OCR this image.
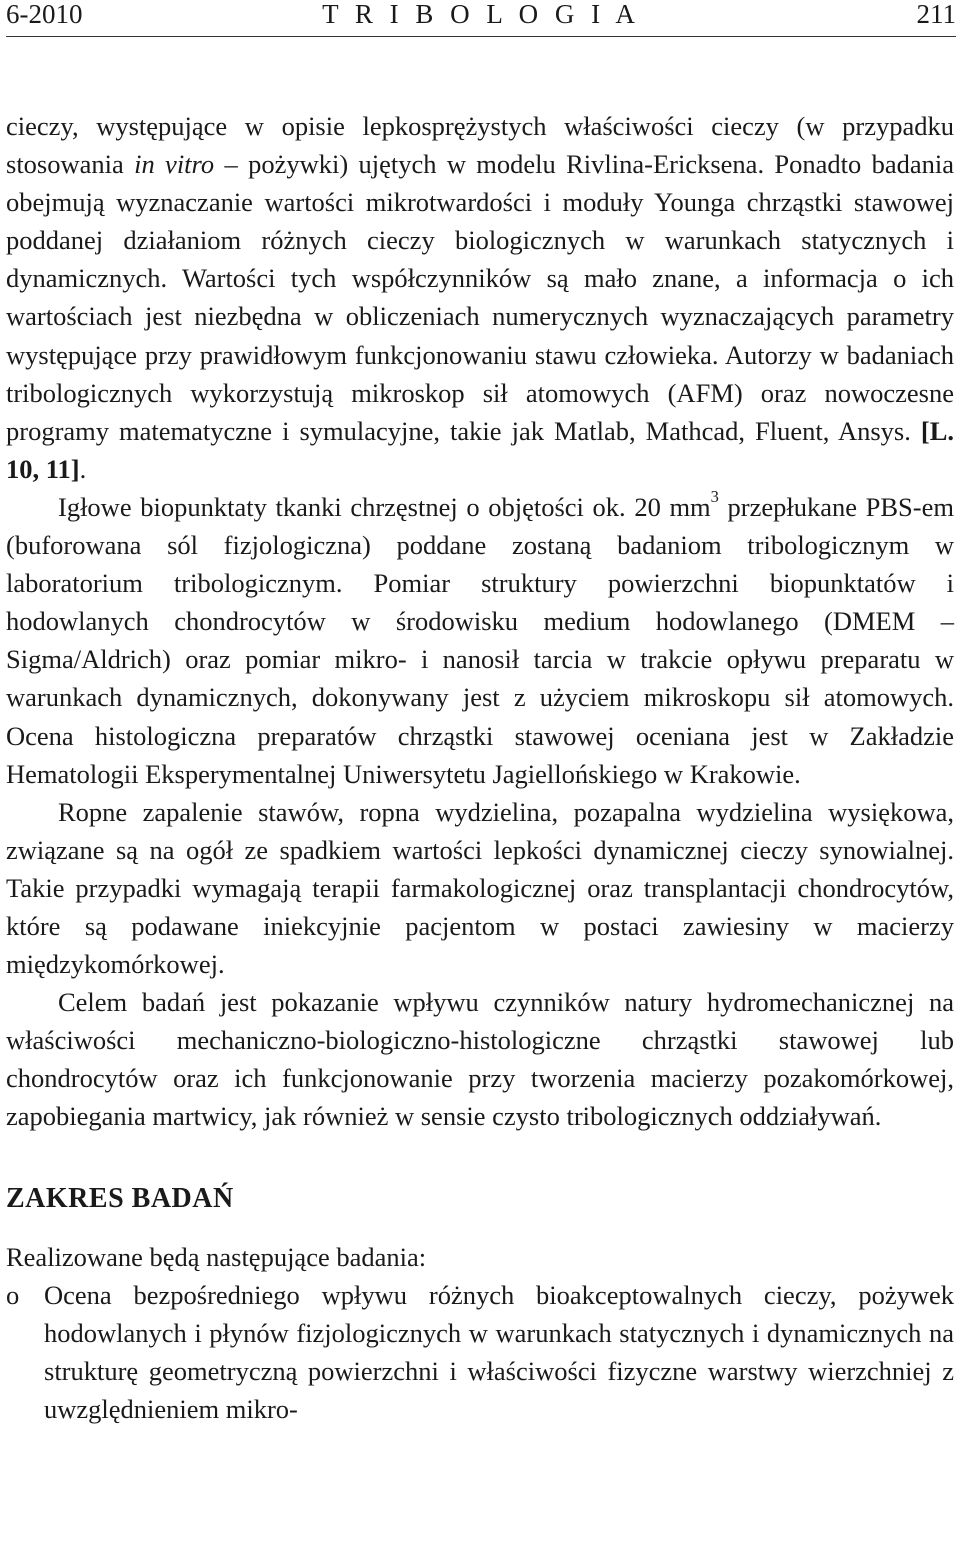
6-2010	T R I B O L O G I A	211

cieczy, występujące w opisie lepkosprężystych właściwości cieczy (w przypadku stosowania in vitro – pożywki) ujętych w modelu Rivlina-Ericksena. Ponadto badania obejmują wyznaczanie wartości mikrotwardości i moduły Younga chrząstki stawowej poddanej działaniom różnych cieczy biologicznych w warunkach statycznych i dynamicznych. Wartości tych współczynników są mało znane, a informacja o ich wartościach jest niezbędna w obliczeniach numerycznych wyznaczających parametry występujące przy prawidłowym funkcjonowaniu stawu człowieka. Autorzy w badaniach tribologicznych wykorzystują mikroskop sił atomowych (AFM) oraz nowoczesne programy matematyczne i symulacyjne, takie jak Matlab, Mathcad, Fluent, Ansys. [L. 10, 11].

Igłowe biopunktaty tkanki chrzęstnej o objętości ok. 20 $mm^3$ przepłukane PBS-em (buforowana sól fizjologiczna) poddane zostaną badaniom tribologicznym w laboratorium tribologicznym. Pomiar struktury powierzchni biopunktatów i hodowlanych chondrocytów w środowisku medium hodowlanego (DMEM – Sigma/Aldrich) oraz pomiar mikro- i nanosił tarcia w trakcie opływu preparatu w warunkach dynamicznych, dokonywany jest z użyciem mikroskopu sił atomowych. Ocena histologiczna preparatów chrząstki stawowej oceniana jest w Zakładzie Hematologii Eksperymentalnej Uniwersytetu Jagiellońskiego w Krakowie.

Ropne zapalenie stawów, ropna wydzielina, pozapalna wydzielina wysiękowa, związane są na ogół ze spadkiem wartości lepkości dynamicznej cieczy synowialnej. Takie przypadki wymagają terapii farmakologicznej oraz transplantacji chondrocytów, które są podawane iniekcyjnie pacjentom w postaci zawiesiny w macierzy międzykomórkowej.

Celem badań jest pokazanie wpływu czynników natury hydromechanicznej na właściwości mechaniczno-biologiczno-histologiczne chrząstki stawowej lub chondrocytów oraz ich funkcjonowanie przy tworzenia macierzy pozakomórkowej, zapobiegania martwicy, jak również w sensie czysto tribologicznych oddziaływań.

ZAKRES BADAŃ

Realizowane będą następujące badania:

o Ocena bezpośredniego wpływu różnych bioakceptowalnych cieczy, pożywek hodowlanych i płynów fizjologicznych w warunkach statycznych i dynamicznych na strukturę geometryczną powierzchni i właściwości fizyczne warstwy wierzchniej z uwzględnieniem mikro-
